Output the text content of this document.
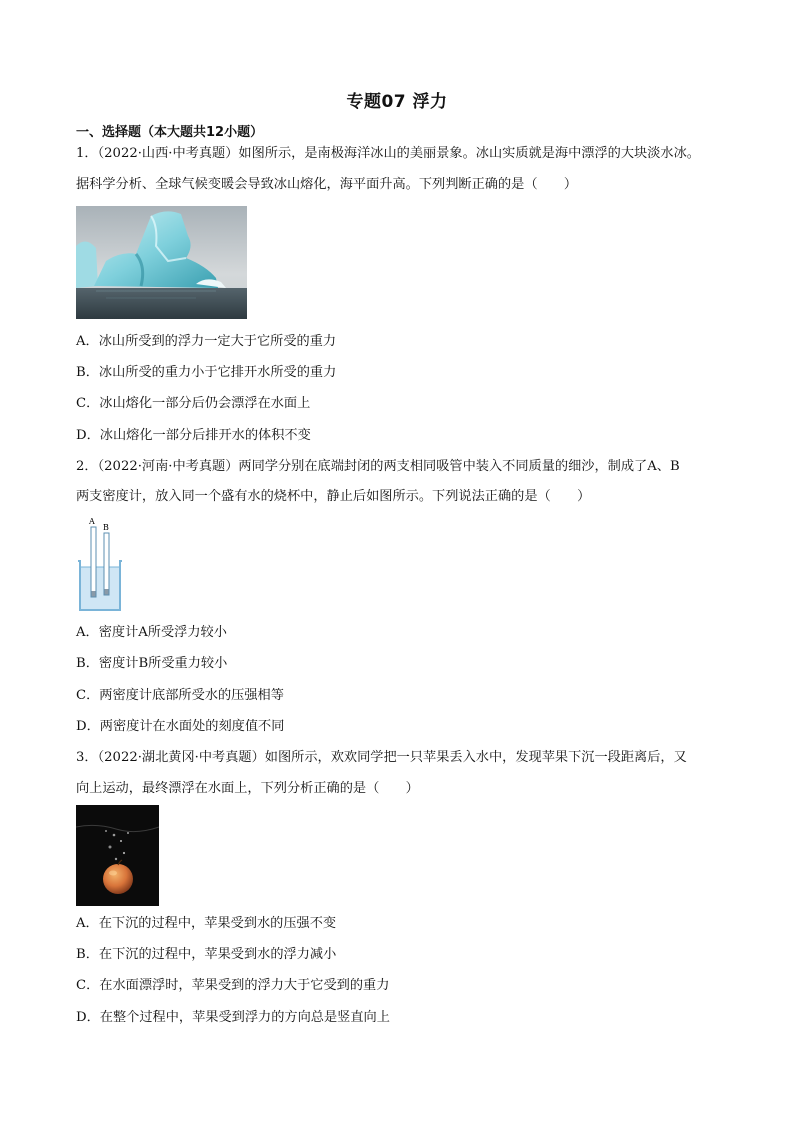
专题07 浮力
一、选择题（本大题共12小题）
1．（2022·山西·中考真题）如图所示，是南极海洋冰山的美丽景象。冰山实质就是海中漂浮的大块淡水冰。
据科学分析、全球气候变暖会导致冰山熔化，海平面升高。下列判断正确的是（　　）
A．冰山所受到的浮力一定大于它所受的重力
B．冰山所受的重力小于它排开水所受的重力
C．冰山熔化一部分后仍会漂浮在水面上
D．冰山熔化一部分后排开水的体积不变
2．（2022·河南·中考真题）两同学分别在底端封闭的两支相同吸管中装入不同质量的细沙，制成了A、B
两支密度计，放入同一个盛有水的烧杯中，静止后如图所示。下列说法正确的是（　　）
A
B
A．密度计A所受浮力较小
B．密度计B所受重力较小
C．两密度计底部所受水的压强相等
D．两密度计在水面处的刻度值不同
3．（2022·湖北黄冈·中考真题）如图所示，欢欢同学把一只苹果丢入水中，发现苹果下沉一段距离后，又
向上运动，最终漂浮在水面上，下列分析正确的是（　　）
A．在下沉的过程中，苹果受到水的压强不变
B．在下沉的过程中，苹果受到水的浮力减小
C．在水面漂浮时，苹果受到的浮力大于它受到的重力
D．在整个过程中，苹果受到浮力的方向总是竖直向上
